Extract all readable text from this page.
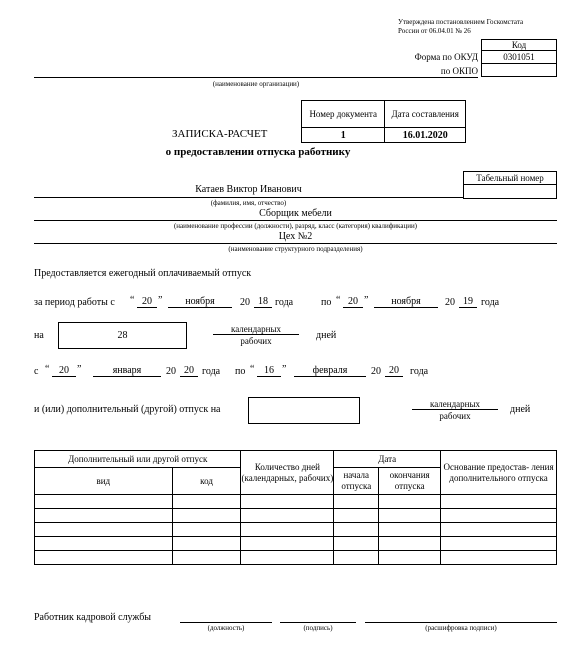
Утверждена постановлением Госкомстата
России от 06.04.01 № 26
Код
0301051
Форма по ОКУД
по ОКПО
(наименование организации)
Номер документа	Дата составления
1	16.01.2020
ЗАПИСКА-РАСЧЕТ
о предоставлении отпуска работнику
Табельный номер
Катаев Виктор Иванович
(фамилия, имя, отчество)
Сборщик мебели
(наименование профессии (должности), разряд, класс (категория) квалификации)
Цех №2
(наименование структурного подразделения)
Предоставляется ежегодный оплачиваемый отпуск
за период работы с “ 20 ”	ноября	20 18 года	по “ 20 ”	ноября	20 19 года
на	28
календарных
рабочих	дней
с “ 20 ”	января	20 20 года по “ 16 ”	февраля	20 20	года
и (или) дополнительный (другой) отпуск на	календарных
рабочих
дней
Дополнительный или другой отпуск		Количество дней (календарных, рабочих)	Дата		Основание предостав- ления дополнительного отпуска
вид	код		начала отпуска	окончания отпуска	

Работник кадровой службы
(должность)	(подпись)	(расшифровка подписи)
